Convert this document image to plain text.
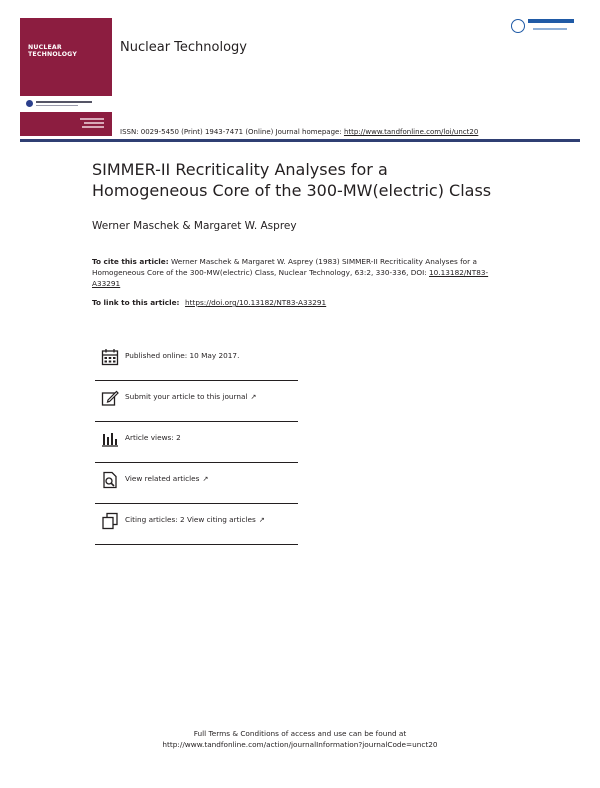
NUCLEAR
TECHNOLOGY	Nuclear Technology
ISSN: 0029-5450 (Print) 1943-7471 (Online) Journal homepage: http://www.tandfonline.com/loi/unct20
SIMMER-II Recriticality Analyses for a
Homogeneous Core of the 300-MW(electric) Class
Werner Maschek & Margaret W. Asprey
To cite this article: Werner Maschek & Margaret W. Asprey (1983) SIMMER-II Recriticality Analyses for a Homogeneous Core of the 300-MW(electric) Class, Nuclear Technology, 63:2, 330-336, DOI: 10.13182/NT83-A33291
To link to this article: https://doi.org/10.13182/NT83-A33291
Published online: 10 May 2017.
Submit your article to this journal ↗
Article views: 2
View related articles ↗
Citing articles: 2 View citing articles ↗
Full Terms & Conditions of access and use can be found at
http://www.tandfonline.com/action/journalInformation?journalCode=unct20
